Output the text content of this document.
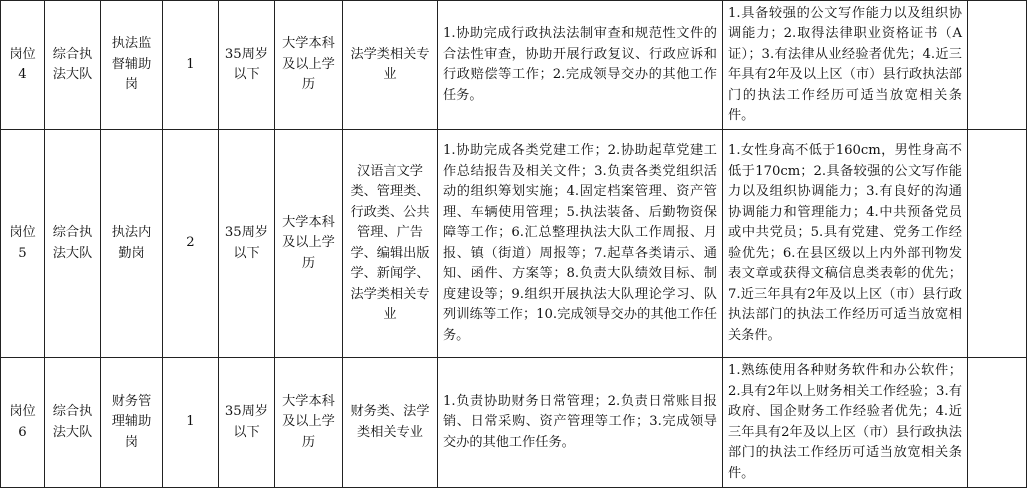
岗位4	综合执法大队	执法监督辅助岗	1	35周岁以下	大学本科及以上学历	法学类相关专业	1.协助完成行政执法法制审查和规范性文件的合法性审查，协助开展行政复议、行政应诉和行政赔偿等工作；2.完成领导交办的其他工作任务。	1.具备较强的公文写作能力以及组织协调能力；2.取得法律职业资格证书（A证）；3.有法律从业经验者优先；4.近三年具有2年及以上区（市）县行政执法部门的执法工作经历可适当放宽相关条件。	
岗位5	综合执法大队	执法内勤岗	2	35周岁以下	大学本科及以上学历	汉语言文学类、管理类、行政类、公共管理、广告学、编辑出版学、新闻学、法学类相关专业	1.协助完成各类党建工作；2.协助起草党建工作总结报告及相关文件；3.负责各类党组织活动的组织筹划实施；4.固定档案管理、资产管理、车辆使用管理；5.执法装备、后勤物资保障等工作；6.汇总整理执法大队工作周报、月报、镇（街道）周报等；7.起草各类请示、通知、函件、方案等；8.负责大队绩效目标、制度建设等；9.组织开展执法大队理论学习、队列训练等工作；10.完成领导交办的其他工作任务。	1.女性身高不低于160cm，男性身高不低于170cm；2.具备较强的公文写作能力以及组织协调能力；3.有良好的沟通协调能力和管理能力；4.中共预备党员或中共党员；5.具有党建、党务工作经验优先；6.在县区级以上内外部刊物发表文章或获得文稿信息类表彰的优先；7.近三年具有2年及以上区（市）县行政执法部门的执法工作经历可适当放宽相关条件。	
岗位6	综合执法大队	财务管理辅助岗	1	35周岁以下	大学本科及以上学历	财务类、法学类相关专业	1.负责协助财务日常管理；2.负责日常账目报销、日常采购、资产管理等工作；3.完成领导交办的其他工作任务。	1.熟练使用各种财务软件和办公软件；2.具有2年以上财务相关工作经验；3.有政府、国企财务工作经验者优先；4.近三年具有2年及以上区（市）县行政执法部门的执法工作经历可适当放宽相关条件。	
